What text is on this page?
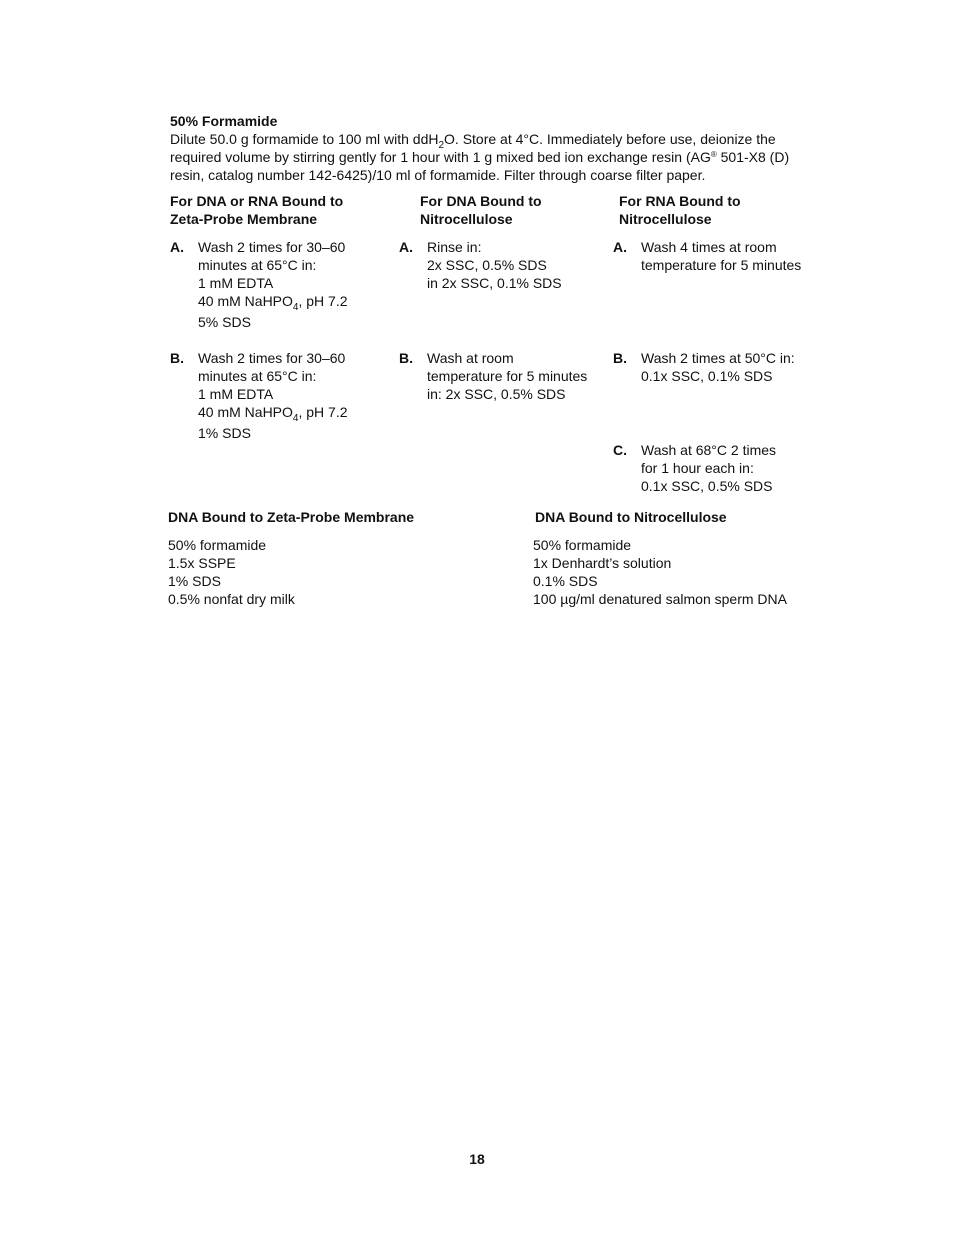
50% Formamide
Dilute 50.0 g formamide to 100 ml with ddH$_2$O. Store at 4°C. Immediately before use, deionize the
required volume by stirring gently for 1 hour with 1 g mixed bed ion exchange resin (AG® 501-X8 (D)
resin, catalog number 142-6425)/10 ml of formamide. Filter through coarse filter paper.
For DNA or RNA Bound to
Zeta-Probe Membrane
A. Wash 2 times for 30–60
minutes at 65°C in:
1 mM EDTA
40 mM NaHPO$_4$, pH 7.2
5% SDS
B. Wash 2 times for 30–60
minutes at 65°C in:
1 mM EDTA
40 mM NaHPO$_4$, pH 7.2
1% SDS
For DNA Bound to
Nitrocellulose
A. Rinse in:
2x SSC, 0.5% SDS
in 2x SSC, 0.1% SDS
B. Wash at room
temperature for 5 minutes
in: 2x SSC, 0.5% SDS
For RNA Bound to
Nitrocellulose
A. Wash 4 times at room
temperature for 5 minutes
B. Wash 2 times at 50°C in:
0.1x SSC, 0.1% SDS
C. Wash at 68°C 2 times
for 1 hour each in:
0.1x SSC, 0.5% SDS
DNA Bound to Zeta-Probe Membrane
50% formamide
1.5x SSPE
1% SDS
0.5% nonfat dry milk
DNA Bound to Nitrocellulose
50% formamide
1x Denhardt’s solution
0.1% SDS
100 µg/ml denatured salmon sperm DNA
18
